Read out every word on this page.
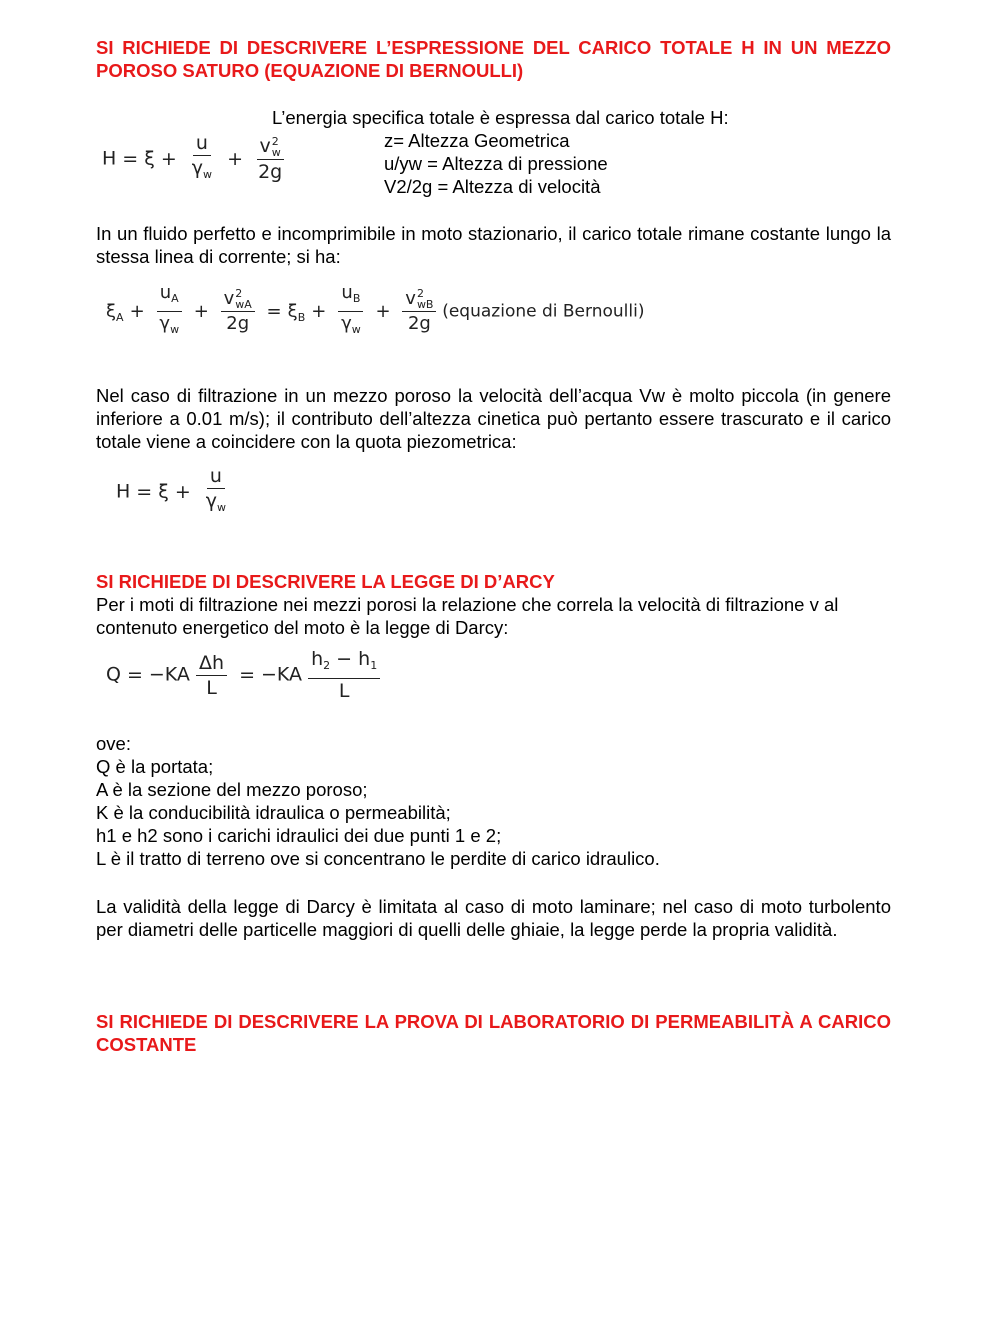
SI RICHIEDE DI DESCRIVERE L’ESPRESSIONE DEL CARICO TOTALE H IN UN MEZZO POROSO SATURO (EQUAZIONE DI BERNOULLI)

$H = \xi + \frac{u}{\gamma_w} + v$ 2
w
2g

L’energia specifica totale è espressa dal carico totale H:

z= Altezza Geometrica

u/yw = Altezza di pressione

V2/2g = Altezza di velocità

In un fluido perfetto e incomprimibile in moto stazionario, il carico totale rimane costante lungo la stessa linea di corrente; si ha:

$\xi_A + \frac{u_A}{\gamma_w} + v$ 2
wA
$2g = \xi_B + \frac{u_B}{\gamma_w} + v$ 2
wB
2g (equazione di Bernoulli)

Nel caso di filtrazione in un mezzo poroso la velocità dell’acqua Vw è molto piccola (in genere inferiore a 0.01 m/s); il contributo dell’altezza cinetica può pertanto essere trascurato e il carico totale viene a coincidere con la quota piezometrica:

$H = \xi + \frac{u}{\gamma_w}$

SI RICHIEDE DI DESCRIVERE LA LEGGE DI D’ARCY

Per i moti di filtrazione nei mezzi porosi la relazione che correla la velocità di filtrazione v al contenuto energetico del moto è la legge di Darcy:

$Q = -KA \frac{\Delta h}{L} = -KA \frac{h_2 - h_1}{L}$

ove:

Q è la portata;

A è la sezione del mezzo poroso;

K è la conducibilità idraulica o permeabilità;

h1 e h2 sono i carichi idraulici dei due punti 1 e 2;

L è il tratto di terreno ove si concentrano le perdite di carico idraulico.

La validità della legge di Darcy è limitata al caso di moto laminare; nel caso di moto turbolento per diametri delle particelle maggiori di quelli delle ghiaie, la legge perde la propria validità.

SI RICHIEDE DI DESCRIVERE LA PROVA DI LABORATORIO DI PERMEABILITÀ A CARICO COSTANTE
